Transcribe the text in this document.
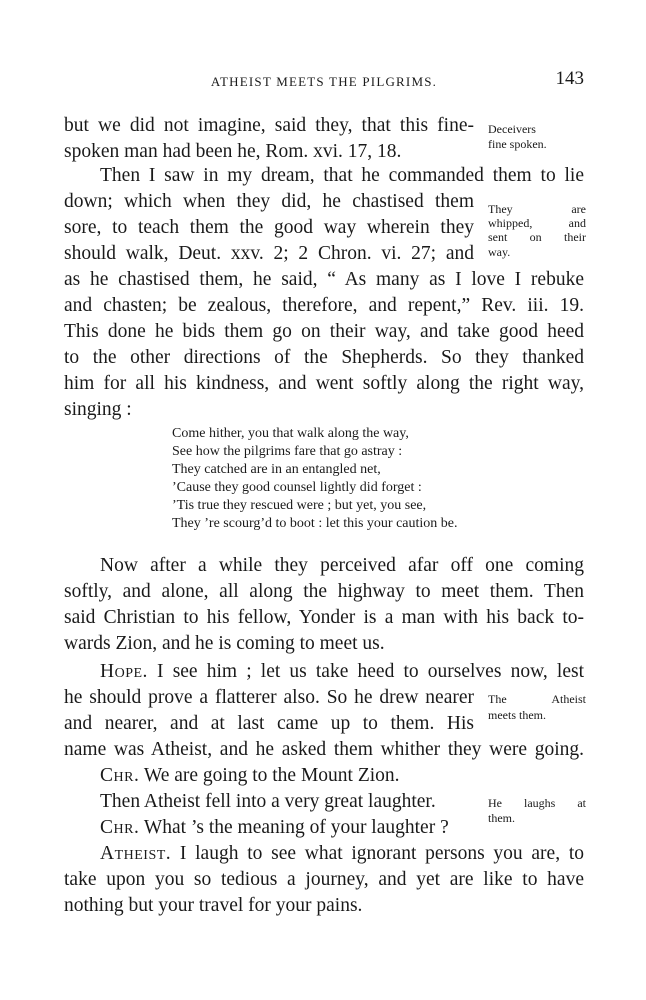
ATHEIST MEETS THE PILGRIMS.	143
but we did not imagine, said they, that this fine-
spoken man had been he, Rom. xvi. 17, 18.
Deceivers
fine spoken.
Then I saw in my dream, that he commanded them to lie
down; which when they did, he chastised them
sore, to teach them the good way wherein they
should walk, Deut. xxv. 2; 2 Chron. vi. 27; and
as he chastised them, he said, “ As many as I love I rebuke
and chasten; be zealous, therefore, and repent,” Rev. iii. 19.
This done he bids them go on their way, and take good heed
to the other directions of the Shepherds. So they thanked
him for all his kindness, and went softly along the right way,
singing :
They are
whipped, and
sent on their
way.
Come hither, you that walk along the way,
See how the pilgrims fare that go astray :
They catched are in an entangled net,
’Cause they good counsel lightly did forget :
’Tis true they rescued were ; but yet, you see,
They ’re scourg’d to boot : let this your caution be.
Now after a while they perceived afar off one coming
softly, and alone, all along the highway to meet them. Then
said Christian to his fellow, Yonder is a man with his back to-
wards Zion, and he is coming to meet us.
Hope. I see him ; let us take heed to ourselves now, lest
he should prove a flatterer also. So he drew nearer
and nearer, and at last came up to them. His
name was Atheist, and he asked them whither they were going.
The Atheist
meets them.
Chr. We are going to the Mount Zion.
Then Atheist fell into a very great laughter.
Chr. What ’s the meaning of your laughter ?
He laughs at
them.
Atheist. I laugh to see what ignorant persons you are, to
take upon you so tedious a journey, and yet are like to have
nothing but your travel for your pains.
